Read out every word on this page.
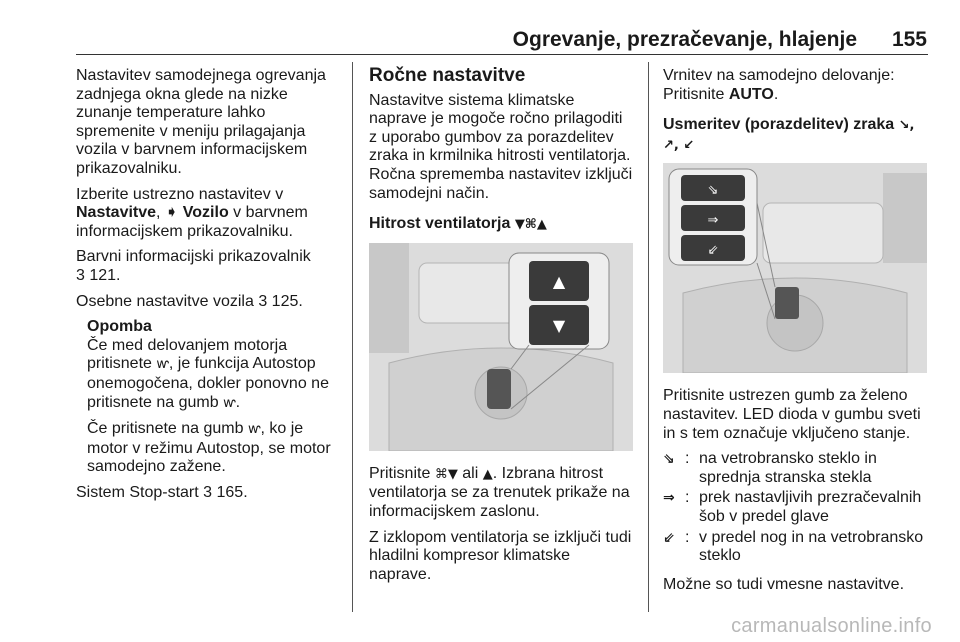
Ogrevanje, prezračevanje, hlajenje 155

Nastavitev samodejnega ogrevanja zadnjega okna glede na nizke zunanje temperature lahko spremenite v meniju prilagajanja vozila v barvnem informacijskem prikazovalniku.

Izberite ustrezno nastavitev v Nastavitve, ➧ Vozilo v barvnem informacijskem prikazovalniku.

Barvni informacijski prikazovalnik
3 121.

Osebne nastavitve vozila 3 125.

Opomba

Če med delovanjem motorja pritisnete ⱳ, je funkcija Autostop onemogočena, dokler ponovno ne pritisnete na gumb ⱳ.

Če pritisnete na gumb ⱳ, ko je motor v režimu Autostop, se motor samodejno zažene.

Sistem Stop-start 3 165.

Ročne nastavitve

Nastavitve sistema klimatske naprave je mogoče ročno prilagoditi z uporabo gumbov za porazdelitev zraka in krmilnika hitrosti ventilatorja. Ročna sprememba nastavitev izključi samodejni način.

Hitrost ventilatorja ▼⌘▲
▲
▼

Pritisnite ⌘▼ ali ▲. Izbrana hitrost ventilatorja se za trenutek prikaže na informacijskem zaslonu.

Z izklopom ventilatorja se izklјuči tudi hladilni kompresor klimatske naprave.

Vrnitev na samodejno delovanje: Pritisnite AUTO.

Usmeritev (porazdelitev) zraka ↘, ↗, ↙
⇘
⇒
⇙

Pritisnite ustrezen gumb za želeno nastavitev. LED dioda v gumbu sveti in s tem označuje vključeno stanje.

⇘ : na vetrobransko steklo in sprednja stranska stekla
⇒ : prek nastavljivih prezračevalnih šob v predel glave
⇙ : v predel nog in na vetrobransko steklo

Možne so tudi vmesne nastavitve.

carmanualsonline.info
